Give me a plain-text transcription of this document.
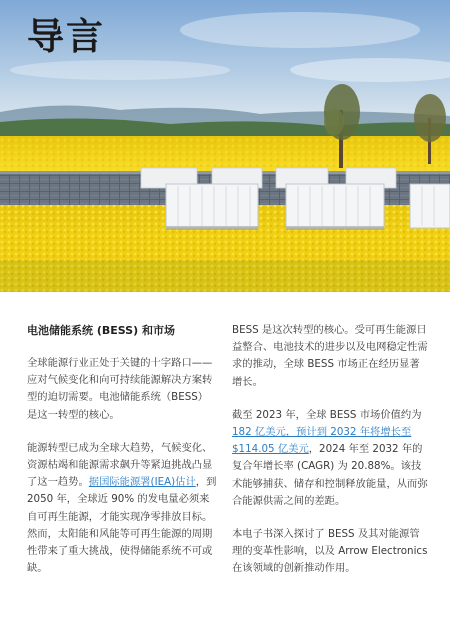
导言
电池储能系统 (BESS) 和市场

全球能源行业正处于关键的十字路口——应对气候变化和向可持续能源解决方案转型的迫切需要。电池储能系统（BESS）是这一转型的核心。

能源转型已成为全球大趋势，气候变化、资源枯竭和能源需求飙升等紧迫挑战凸显了这一趋势。据国际能源署(IEA)估计，到 2050 年，全球近 90% 的发电量必须来自可再生能源，才能实现净零排放目标。然而，太阳能和风能等可再生能源的周期性带来了重大挑战，使得储能系统不可或缺。

BESS 是这次转型的核心。受可再生能源日益整合、电池技术的进步以及电网稳定性需求的推动，全球 BESS 市场正在经历显著增长。

截至 2023 年，全球 BESS 市场价值约为 182 亿美元，预计到 2032 年将增长至 $114.05 亿美元，2024 年至 2032 年的复合年增长率 (CAGR) 为 20.88%。该技术能够捕获、储存和控制释放能量，从而弥合能源供需之间的差距。

本电子书深入探讨了 BESS 及其对能源管理的变革性影响，以及 Arrow Electronics 在该领域的创新推动作用。
